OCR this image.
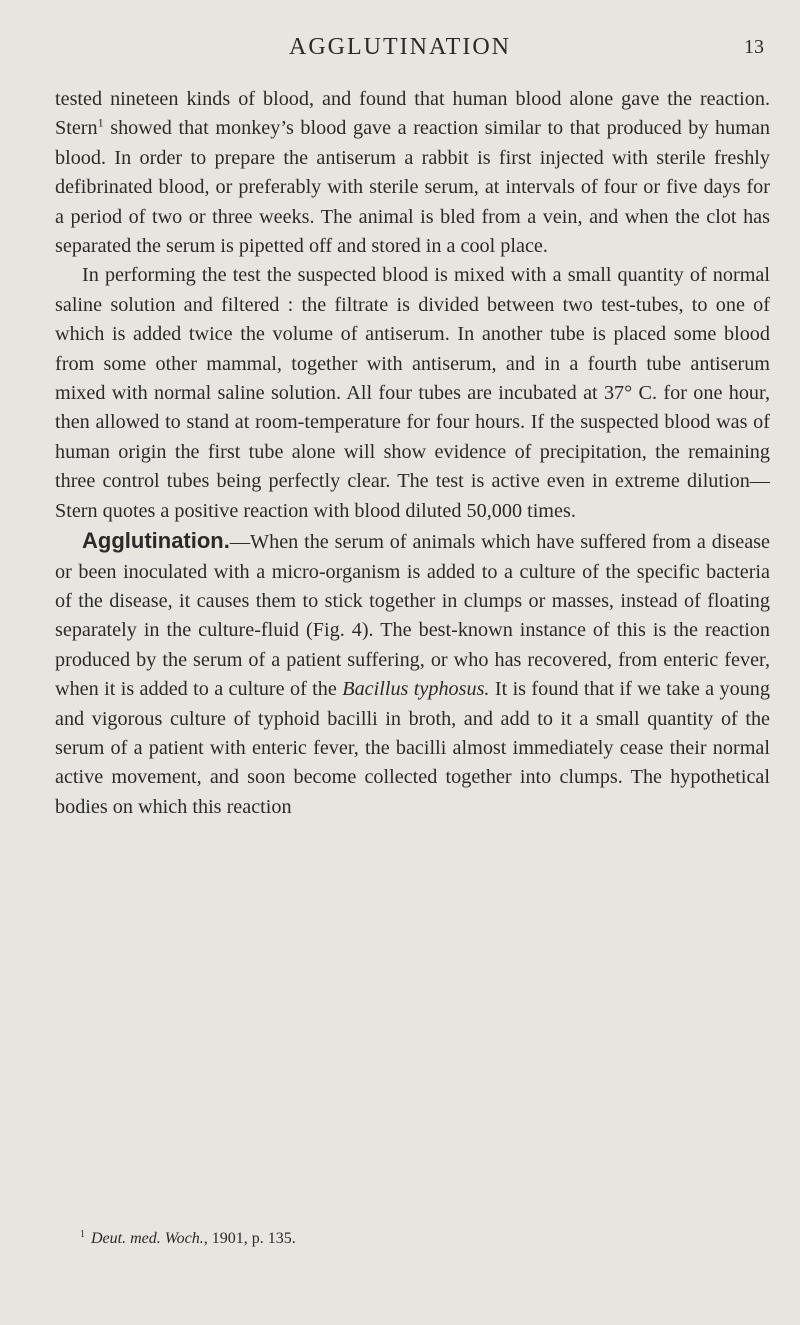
AGGLUTINATION	13

tested nineteen kinds of blood, and found that human blood alone gave the reaction. Stern$^1$ showed that monkey’s blood gave a reaction similar to that produced by human blood. In order to prepare the antiserum a rabbit is first injected with sterile freshly defibrinated blood, or preferably with sterile serum, at intervals of four or five days for a period of two or three weeks. The animal is bled from a vein, and when the clot has separated the serum is pipetted off and stored in a cool place.

In performing the test the suspected blood is mixed with a small quantity of normal saline solution and filtered : the filtrate is divided between two test-tubes, to one of which is added twice the volume of antiserum. In another tube is placed some blood from some other mammal, together with antiserum, and in a fourth tube antiserum mixed with normal saline solution. All four tubes are incubated at 37° C. for one hour, then allowed to stand at room-temperature for four hours. If the suspected blood was of human origin the first tube alone will show evidence of precipitation, the remaining three control tubes being perfectly clear. The test is active even in extreme dilution—Stern quotes a positive reaction with blood diluted 50,000 times.

Agglutination.—When the serum of animals which have suffered from a disease or been inoculated with a micro-organism is added to a culture of the specific bacteria of the disease, it causes them to stick together in clumps or masses, instead of floating separately in the culture-fluid (Fig. 4). The best-known instance of this is the reaction produced by the serum of a patient suffering, or who has recovered, from enteric fever, when it is added to a culture of the Bacillus typhosus. It is found that if we take a young and vigorous culture of typhoid bacilli in broth, and add to it a small quantity of the serum of a patient with enteric fever, the bacilli almost immediately cease their normal active movement, and soon become collected together into clumps. The hypothetical bodies on which this reaction

$^1$ Deut. med. Woch., 1901, p. 135.
